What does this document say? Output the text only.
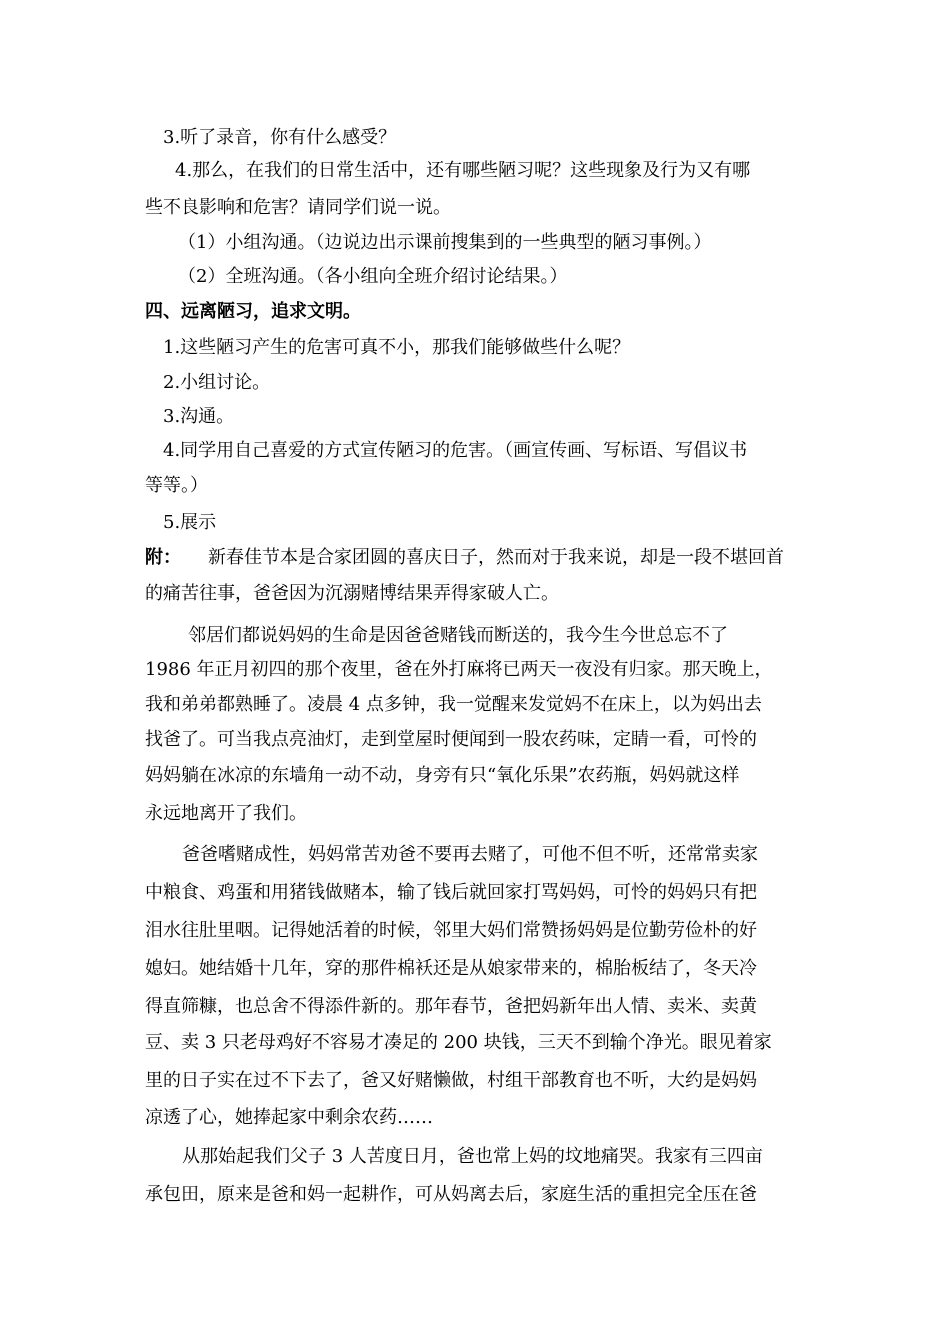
3.听了录音，你有什么感受？
4.那么，在我们的日常生活中，还有哪些陋习呢？这些现象及行为又有哪
些不良影响和危害？请同学们说一说。
（1）小组沟通。（边说边出示课前搜集到的一些典型的陋习事例。）
（2）全班沟通。（各小组向全班介绍讨论结果。）
四、远离陋习，追求文明。
1.这些陋习产生的危害可真不小，那我们能够做些什么呢？
2.小组讨论。
3.沟通。
4.同学用自己喜爱的方式宣传陋习的危害。（画宣传画、写标语、写倡议书
等等。）
5.展示
附： 新春佳节本是合家团圆的喜庆日子，然而对于我来说，却是一段不堪回首
的痛苦往事，爸爸因为沉溺赌博结果弄得家破人亡。
邻居们都说妈妈的生命是因爸爸赌钱而断送的，我今生今世总忘不了
1986 年正月初四的那个夜里，爸在外打麻将已两天一夜没有归家。那天晚上，
我和弟弟都熟睡了。凌晨 4 点多钟，我一觉醒来发觉妈不在床上，以为妈出去
找爸了。可当我点亮油灯，走到堂屋时便闻到一股农药味，定睛一看，可怜的
妈妈躺在冰凉的东墙角一动不动，身旁有只“氧化乐果”农药瓶，妈妈就这样
永远地离开了我们。
爸爸嗜赌成性，妈妈常苦劝爸不要再去赌了，可他不但不听，还常常卖家
中粮食、鸡蛋和用猪钱做赌本，输了钱后就回家打骂妈妈，可怜的妈妈只有把
泪水往肚里咽。记得她活着的时候，邻里大妈们常赞扬妈妈是位勤劳俭朴的好
媳妇。她结婚十几年，穿的那件棉袄还是从娘家带来的，棉胎板结了，冬天冷
得直筛糠，也总舍不得添件新的。那年春节，爸把妈新年出人情、卖米、卖黄
豆、卖 3 只老母鸡好不容易才凑足的 200 块钱，三天不到输个净光。眼见着家
里的日子实在过不下去了，爸又好赌懒做，村组干部教育也不听，大约是妈妈
凉透了心，她捧起家中剩余农药……
从那始起我们父子 3 人苦度日月，爸也常上妈的坟地痛哭。我家有三四亩
承包田，原来是爸和妈一起耕作，可从妈离去后，家庭生活的重担完全压在爸
